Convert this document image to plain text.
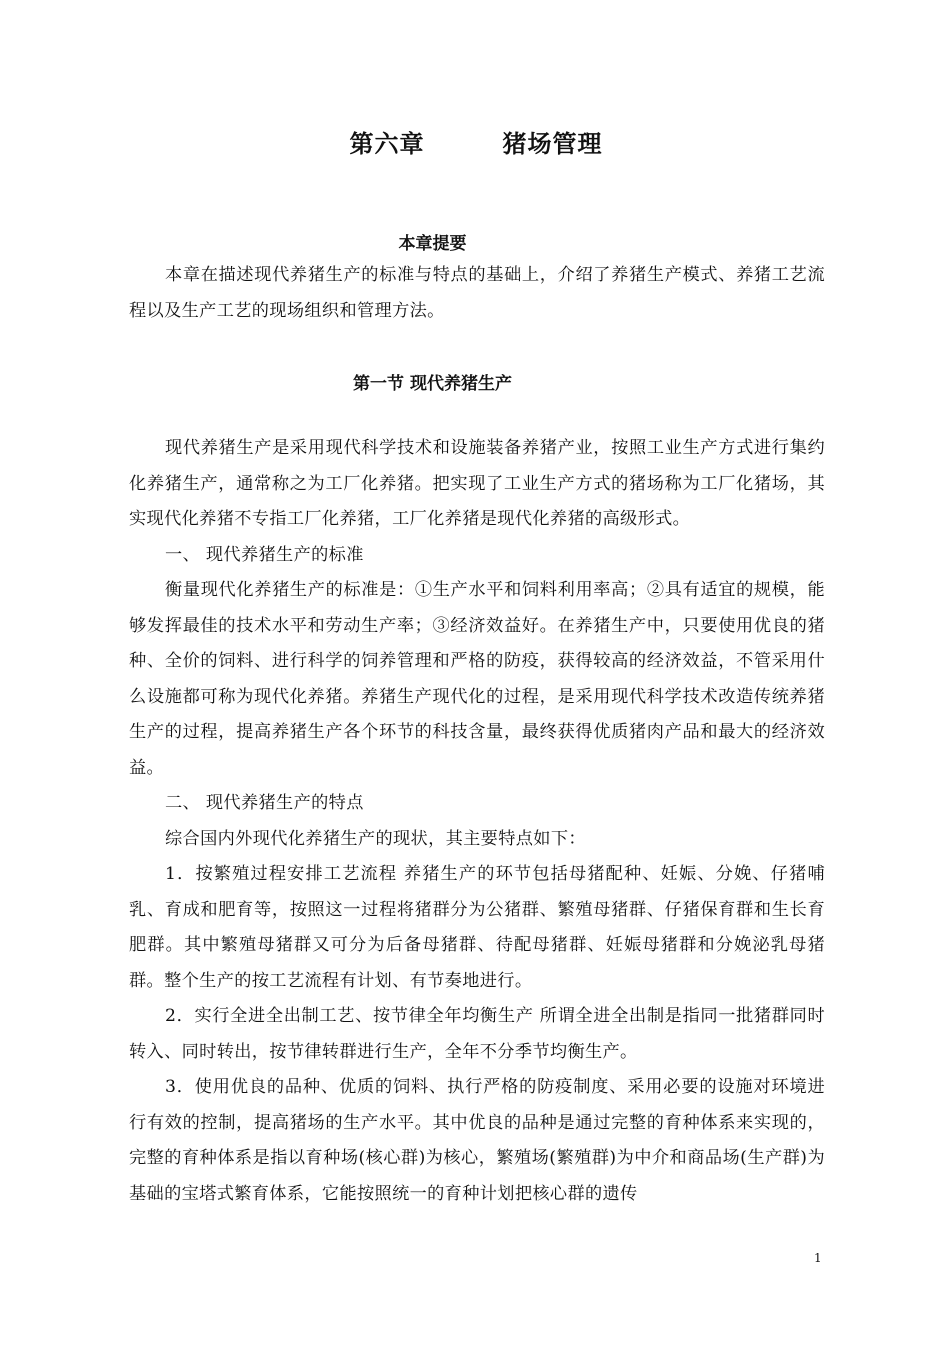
第六章	猪场管理
本章提要

本章在描述现代养猪生产的标准与特点的基础上，介绍了养猪生产模式、养猪工艺流程以及生产工艺的现场组织和管理方法。

第一节 现代养猪生产

现代养猪生产是采用现代科学技术和设施装备养猪产业，按照工业生产方式进行集约化养猪生产，通常称之为工厂化养猪。把实现了工业生产方式的猪场称为工厂化猪场，其实现代化养猪不专指工厂化养猪，工厂化养猪是现代化养猪的高级形式。

一、 现代养猪生产的标准

衡量现代化养猪生产的标准是：①生产水平和饲料利用率高；②具有适宜的规模，能够发挥最佳的技术水平和劳动生产率；③经济效益好。在养猪生产中，只要使用优良的猪种、全价的饲料、进行科学的饲养管理和严格的防疫，获得较高的经济效益，不管采用什么设施都可称为现代化养猪。养猪生产现代化的过程，是采用现代科学技术改造传统养猪生产的过程，提高养猪生产各个环节的科技含量，最终获得优质猪肉产品和最大的经济效益。

二、 现代养猪生产的特点

综合国内外现代化养猪生产的现状，其主要特点如下：

1．按繁殖过程安排工艺流程 养猪生产的环节包括母猪配种、妊娠、分娩、仔猪哺乳、育成和肥育等，按照这一过程将猪群分为公猪群、繁殖母猪群、仔猪保育群和生长育肥群。其中繁殖母猪群又可分为后备母猪群、待配母猪群、妊娠母猪群和分娩泌乳母猪群。整个生产的按工艺流程有计划、有节奏地进行。

2．实行全进全出制工艺、按节律全年均衡生产 所谓全进全出制是指同一批猪群同时转入、同时转出，按节律转群进行生产，全年不分季节均衡生产。

3．使用优良的品种、优质的饲料、执行严格的防疫制度、采用必要的设施对环境进行有效的控制，提高猪场的生产水平。其中优良的品种是通过完整的育种体系来实现的，完整的育种体系是指以育种场(核心群)为核心，繁殖场(繁殖群)为中介和商品场(生产群)为基础的宝塔式繁育体系，它能按照统一的育种计划把核心群的遗传

1
